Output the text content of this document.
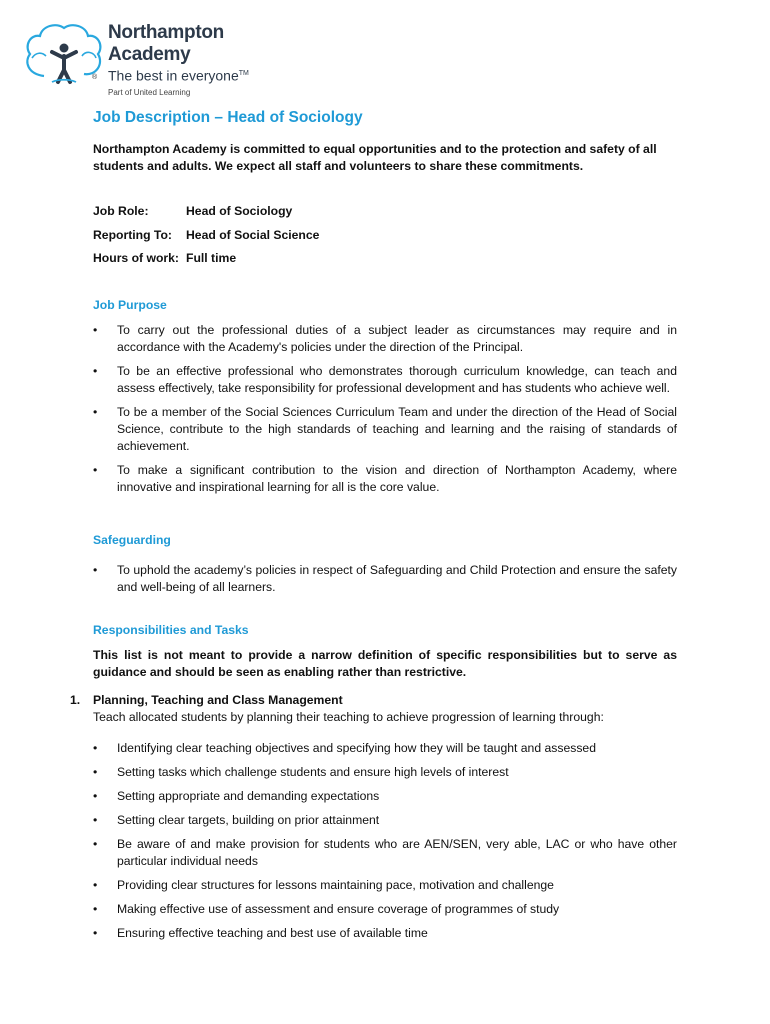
Northampton Academy
The best in everyone™
Part of United Learning
®
Job Description – Head of Sociology

Northampton Academy is committed to equal opportunities and to the protection and safety of all students and adults. We expect all staff and volunteers to share these commitments.

Job Role:	Head of Sociology
Reporting To: Head of Social Science
Hours of work: Full time
Job Purpose
• To carry out the professional duties of a subject leader as circumstances may require and in accordance with the Academy's policies under the direction of the Principal.
• To be an effective professional who demonstrates thorough curriculum knowledge, can teach and assess effectively, take responsibility for professional development and has students who achieve well.
• To be a member of the Social Sciences Curriculum Team and under the direction of the Head of Social Science, contribute to the high standards of teaching and learning and the raising of standards of achievement.
• To make a significant contribution to the vision and direction of Northampton Academy, where innovative and inspirational learning for all is the core value.
Safeguarding
• To uphold the academy’s policies in respect of Safeguarding and Child Protection and ensure the safety and well-being of all learners.
Responsibilities and Tasks

This list is not meant to provide a narrow definition of specific responsibilities but to serve as guidance and should be seen as enabling rather than restrictive.

1. Planning, Teaching and Class Management
Teach allocated students by planning their teaching to achieve progression of learning through:
• Identifying clear teaching objectives and specifying how they will be taught and assessed
• Setting tasks which challenge students and ensure high levels of interest
• Setting appropriate and demanding expectations
• Setting clear targets, building on prior attainment
• Be aware of and make provision for students who are AEN/SEN, very able, LAC or who have other particular individual needs
• Providing clear structures for lessons maintaining pace, motivation and challenge
• Making effective use of assessment and ensure coverage of programmes of study
• Ensuring effective teaching and best use of available time
